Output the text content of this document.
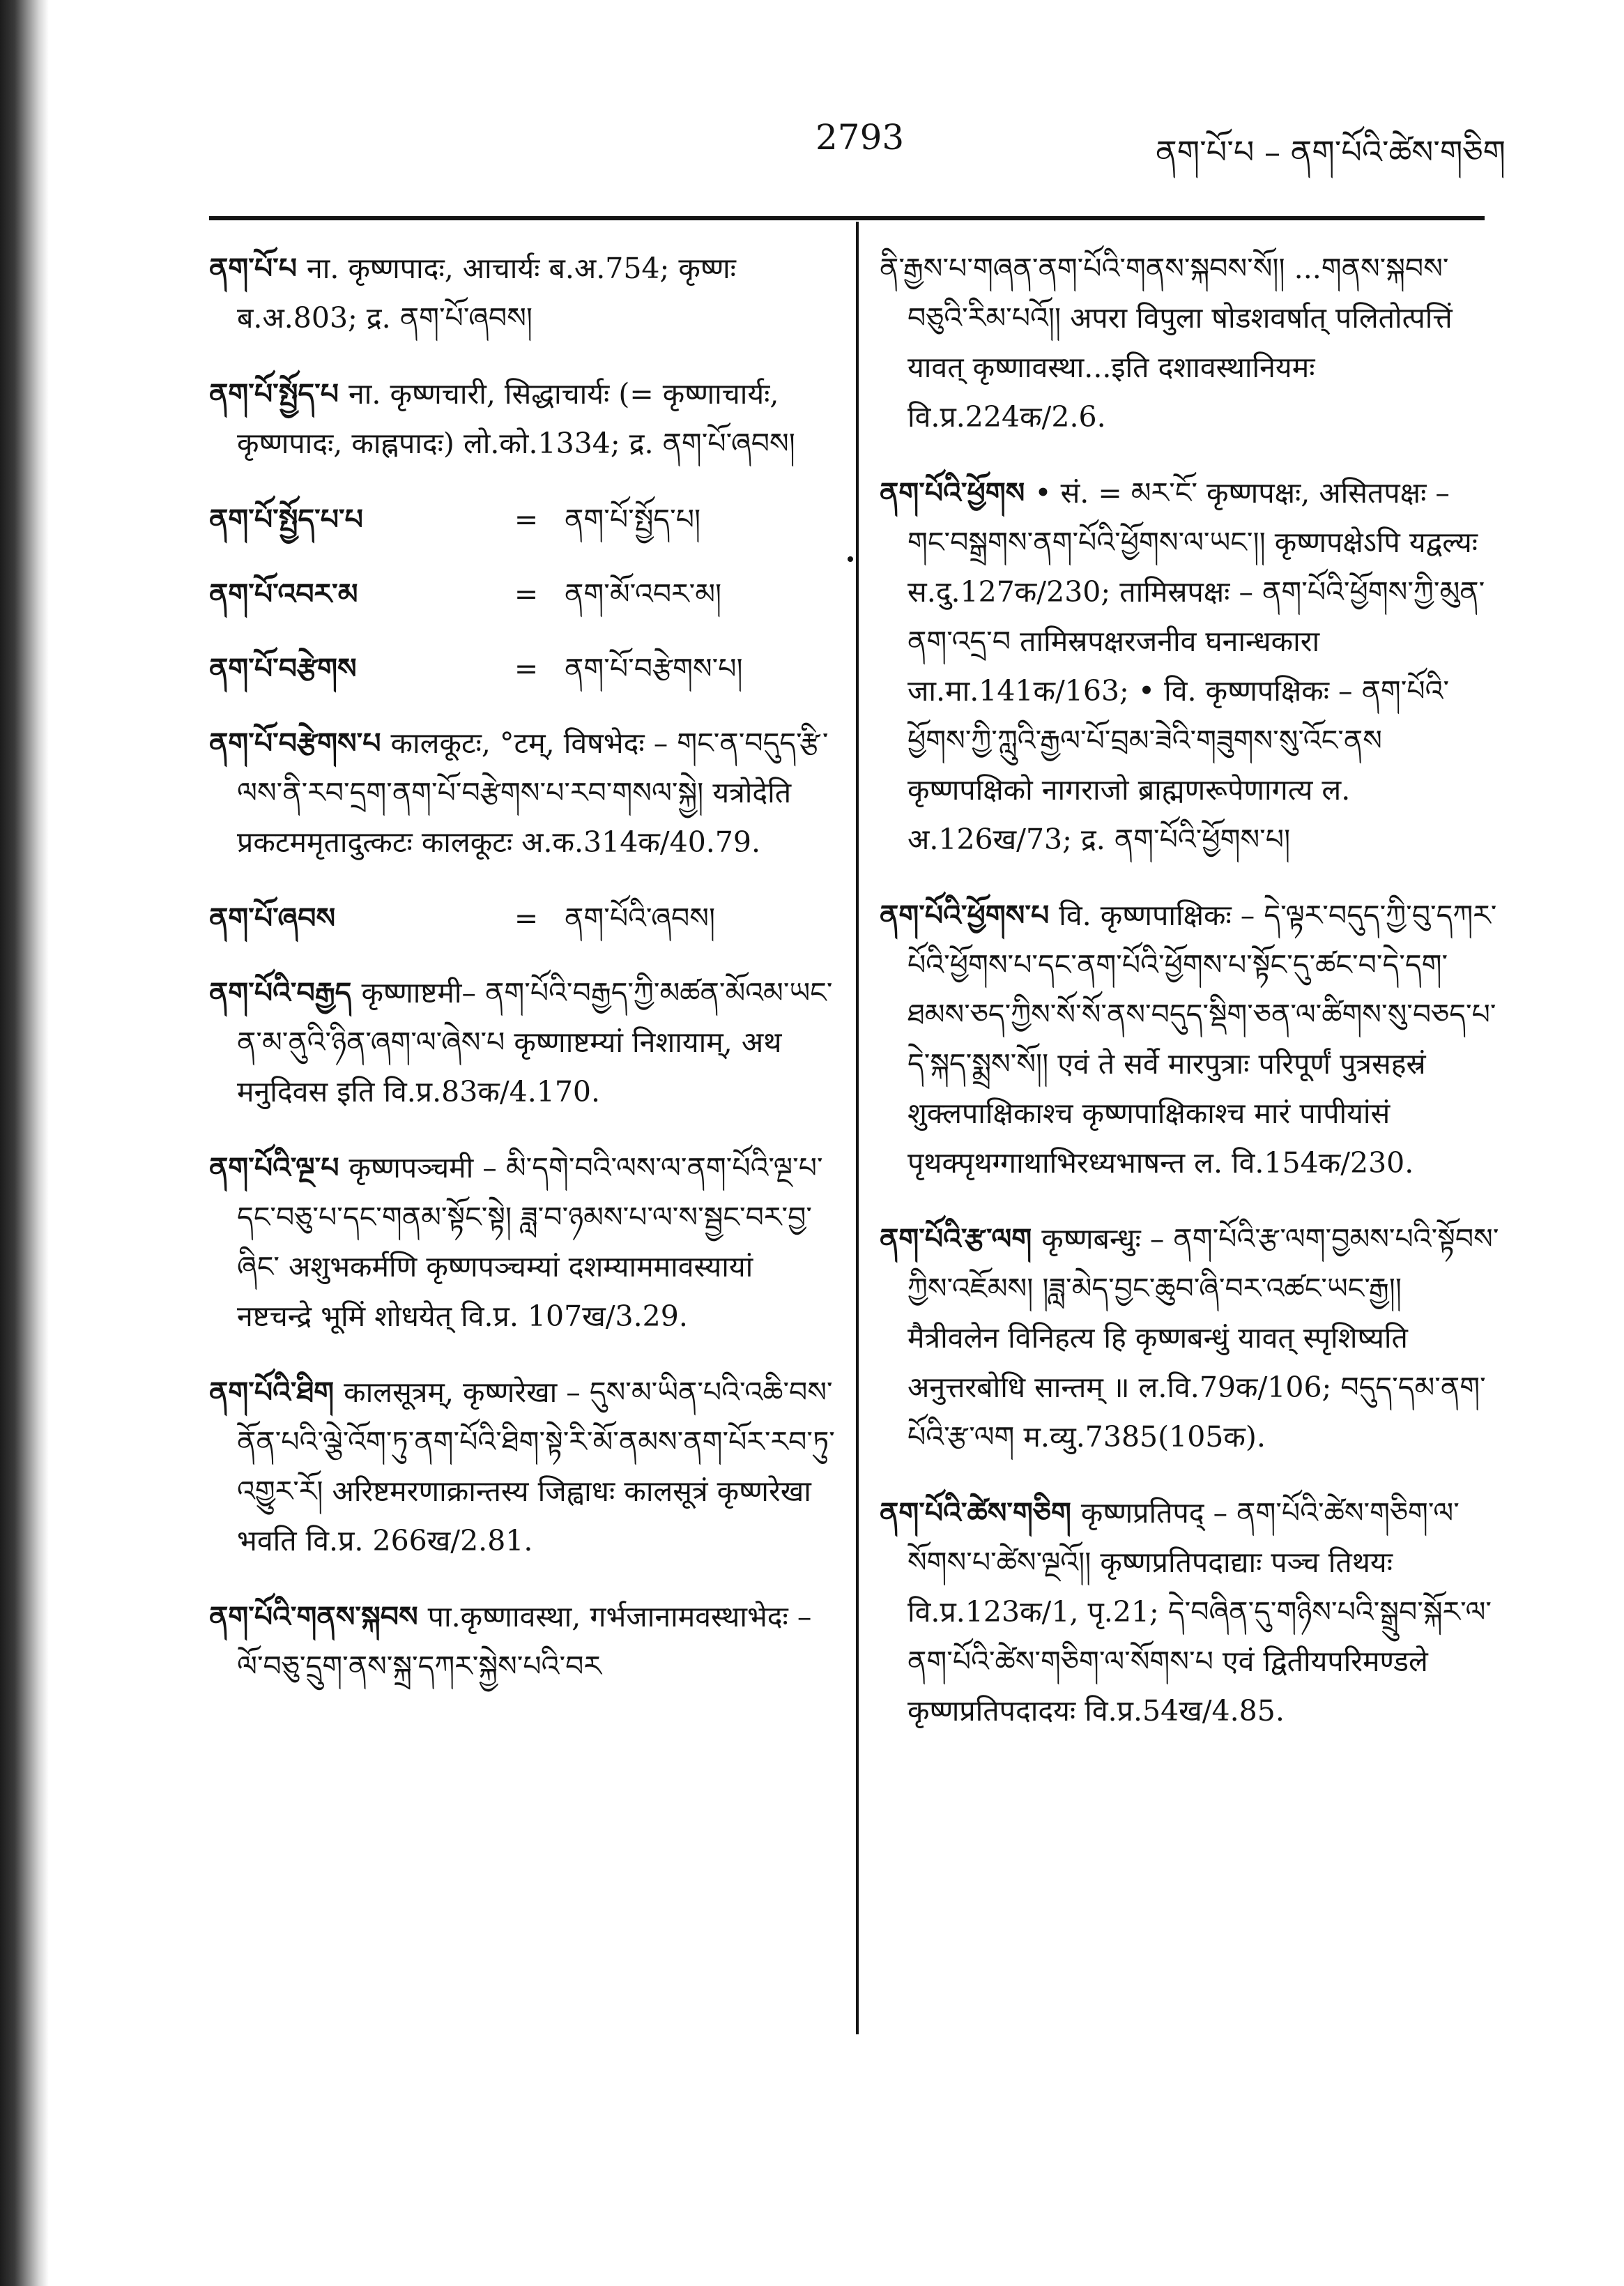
2793	ནག་པོ་པ – ནག་པོའི་ཚེས་གཅིག
ནག་པོ་པ ना. कृष्णपादः, आचार्यः ब.अ.754; कृष्णः ब.अ.803; द्र. ནག་པོ་ཞབས།
ནག་པོ་སྤྱོད་པ ना. कृष्णचारी, सिद्धाचार्यः (= कृष्णाचार्यः, कृष्णपादः, काह्नपादः) लो.को.1334; द्र. ནག་པོ་ཞབས།
ནག་པོ་སྤྱོད་པ་པ	= ནག་པོ་སྤྱོད་པ།
ནག་པོ་འབར་མ	= ནག་མོ་འབར་མ།
ནག་པོ་བརྩེགས	= ནག་པོ་བརྩེགས་པ།
ནག་པོ་བརྩེགས་པ कालकूटः, °टम्, विषभेदः – གང་ན་བདུད་རྩི་ལས་ནི་རབ་དྲག་ནག་པོ་བརྩེགས་པ་རབ་གསལ་སྐྱེ། यत्रोदेति प्रकटममृतादुत्कटः कालकूटः अ.क.314क/40.79.
ནག་པོ་ཞབས	= ནག་པོའི་ཞབས།
ནག་པོའི་བརྒྱད कृष्णाष्टमी– ནག་པོའི་བརྒྱད་ཀྱི་མཚན་མོའམ་ཡང་ན་མ་ནུའི་ཉིན་ཞག་ལ་ཞེས་པ कृष्णाष्टम्यां निशायाम्, अथ मनुदिवस इति वि.प्र.83क/4.170.
ནག་པོའི་ལྔ་པ कृष्णपञ्चमी – མི་དགེ་བའི་ལས་ལ་ནག་པོའི་ལྔ་པ་དང་བཅུ་པ་དང་གནམ་སྟོང་སྟེ། ཟླ་བ་ཉམས་པ་ལ་ས་སྦྱང་བར་བྱ་ཞིང་ अशुभकर्मणि कृष्णपञ्चम्यां दशम्याममावस्यायां नष्टचन्द्रे भूमिं शोधयेत् वि.प्र. 107ख/3.29.
ནག་པོའི་ཐིག कालसूत्रम्, कृष्णरेखा – དུས་མ་ཡིན་པའི་འཆི་བས་ནོན་པའི་ལྕེ་འོག་ཏུ་ནག་པོའི་ཐིག་སྟེ་རི་མོ་ནམས་ནག་པོར་རབ་ཏུ་འགྱུར་རོ། अरिष्टमरणाक्रान्तस्य जिह्वाधः कालसूत्रं कृष्णरेखा भवति वि.प्र. 266ख/2.81.
ནག་པོའི་གནས་སྐབས पा.कृष्णावस्था, गर्भजानामवस्थाभेदः – ལོ་བཅུ་དྲུག་ནས་སྐྲ་དཀར་སྐྱེས་པའི་བར
ནི་རྒྱས་པ་གཞན་ནག་པོའི་གནས་སྐབས་སོ།། ...གནས་སྐབས་བཅུའི་རིམ་པའོ།། अपरा विपुला षोडशवर्षात् पलितोत्पत्तिं यावत् कृष्णावस्था...इति दशावस्थानियमः वि.प्र.224क/2.6.
ནག་པོའི་ཕྱོགས • सं. = མར་ངོ་ कृष्णपक्षः, असितपक्षः – གང་བསྒྲགས་ནག་པོའི་ཕྱོགས་ལ་ཡང་།། कृष्णपक्षेऽपि यद्वल्यः स.दु.127क/230; तामिस्रपक्षः – ནག་པོའི་ཕྱོགས་ཀྱི་མུན་ནག་འདྲ་བ तामिस्रपक्षरजनीव घनान्धकारा जा.मा.141क/163; • वि. कृष्णपक्षिकः – ནག་པོའི་ཕྱོགས་ཀྱི་ཀླུའི་རྒྱལ་པོ་བྲམ་ཟེའི་གཟུགས་སུ་འོང་ནས कृष्णपक्षिको नागराजो ब्राह्मणरूपेणागत्य ल. अ.126ख/73; द्र. ནག་པོའི་ཕྱོགས་པ།
ནག་པོའི་ཕྱོགས་པ वि. कृष्णपाक्षिकः – དེ་ལྟར་བདུད་ཀྱི་བུ་དཀར་པོའི་ཕྱོགས་པ་དང་ནག་པོའི་ཕྱོགས་པ་སྟོང་དུ་ཚང་བ་དེ་དག་ཐམས་ཅད་ཀྱིས་སོ་སོ་ནས་བདུད་སྡིག་ཅན་ལ་ཚིགས་སུ་བཅད་པ་དེ་སྐད་སྨྲས་སོ།། एवं ते सर्वे मारपुत्राः परिपूर्णं पुत्रसहस्रं शुक्लपाक्षिकाश्च कृष्णपाक्षिकाश्च मारं पापीयांसं पृथक्पृथग्गाथाभिरध्यभाषन्त ल. वि.154क/230.
ནག་པོའི་རྩ་ལག कृष्णबन्धुः – ནག་པོའི་རྩ་ལག་བྱམས་པའི་སྟོབས་ཀྱིས་འཇོམས། །ཟླ་མེད་བྱང་ཆུབ་ཞི་བར་འཚང་ཡང་རྒྱ།། मैत्रीवलेन विनिहत्य हि कृष्णबन्धुं यावत् स्पृशिष्यति अनुत्तरबोधि सान्तम् ॥ ल.वि.79क/106; བདུད་དམ་ནག་པོའི་རྩ་ལག म.व्यु.7385(105क).
ནག་པོའི་ཚེས་གཅིག कृष्णप्रतिपद् – ནག་པོའི་ཚེས་གཅིག་ལ་སོགས་པ་ཚེས་ལྔའོ།། कृष्णप्रतिपदाद्याः पञ्च तिथयः वि.प्र.123क/1, पृ.21; དེ་བཞིན་དུ་གཉིས་པའི་སྒྲུབ་སྐོར་ལ་ནག་པོའི་ཚེས་གཅིག་ལ་སོགས་པ एवं द्वितीयपरिमण्डले कृष्णप्रतिपदादयः वि.प्र.54ख/4.85.
